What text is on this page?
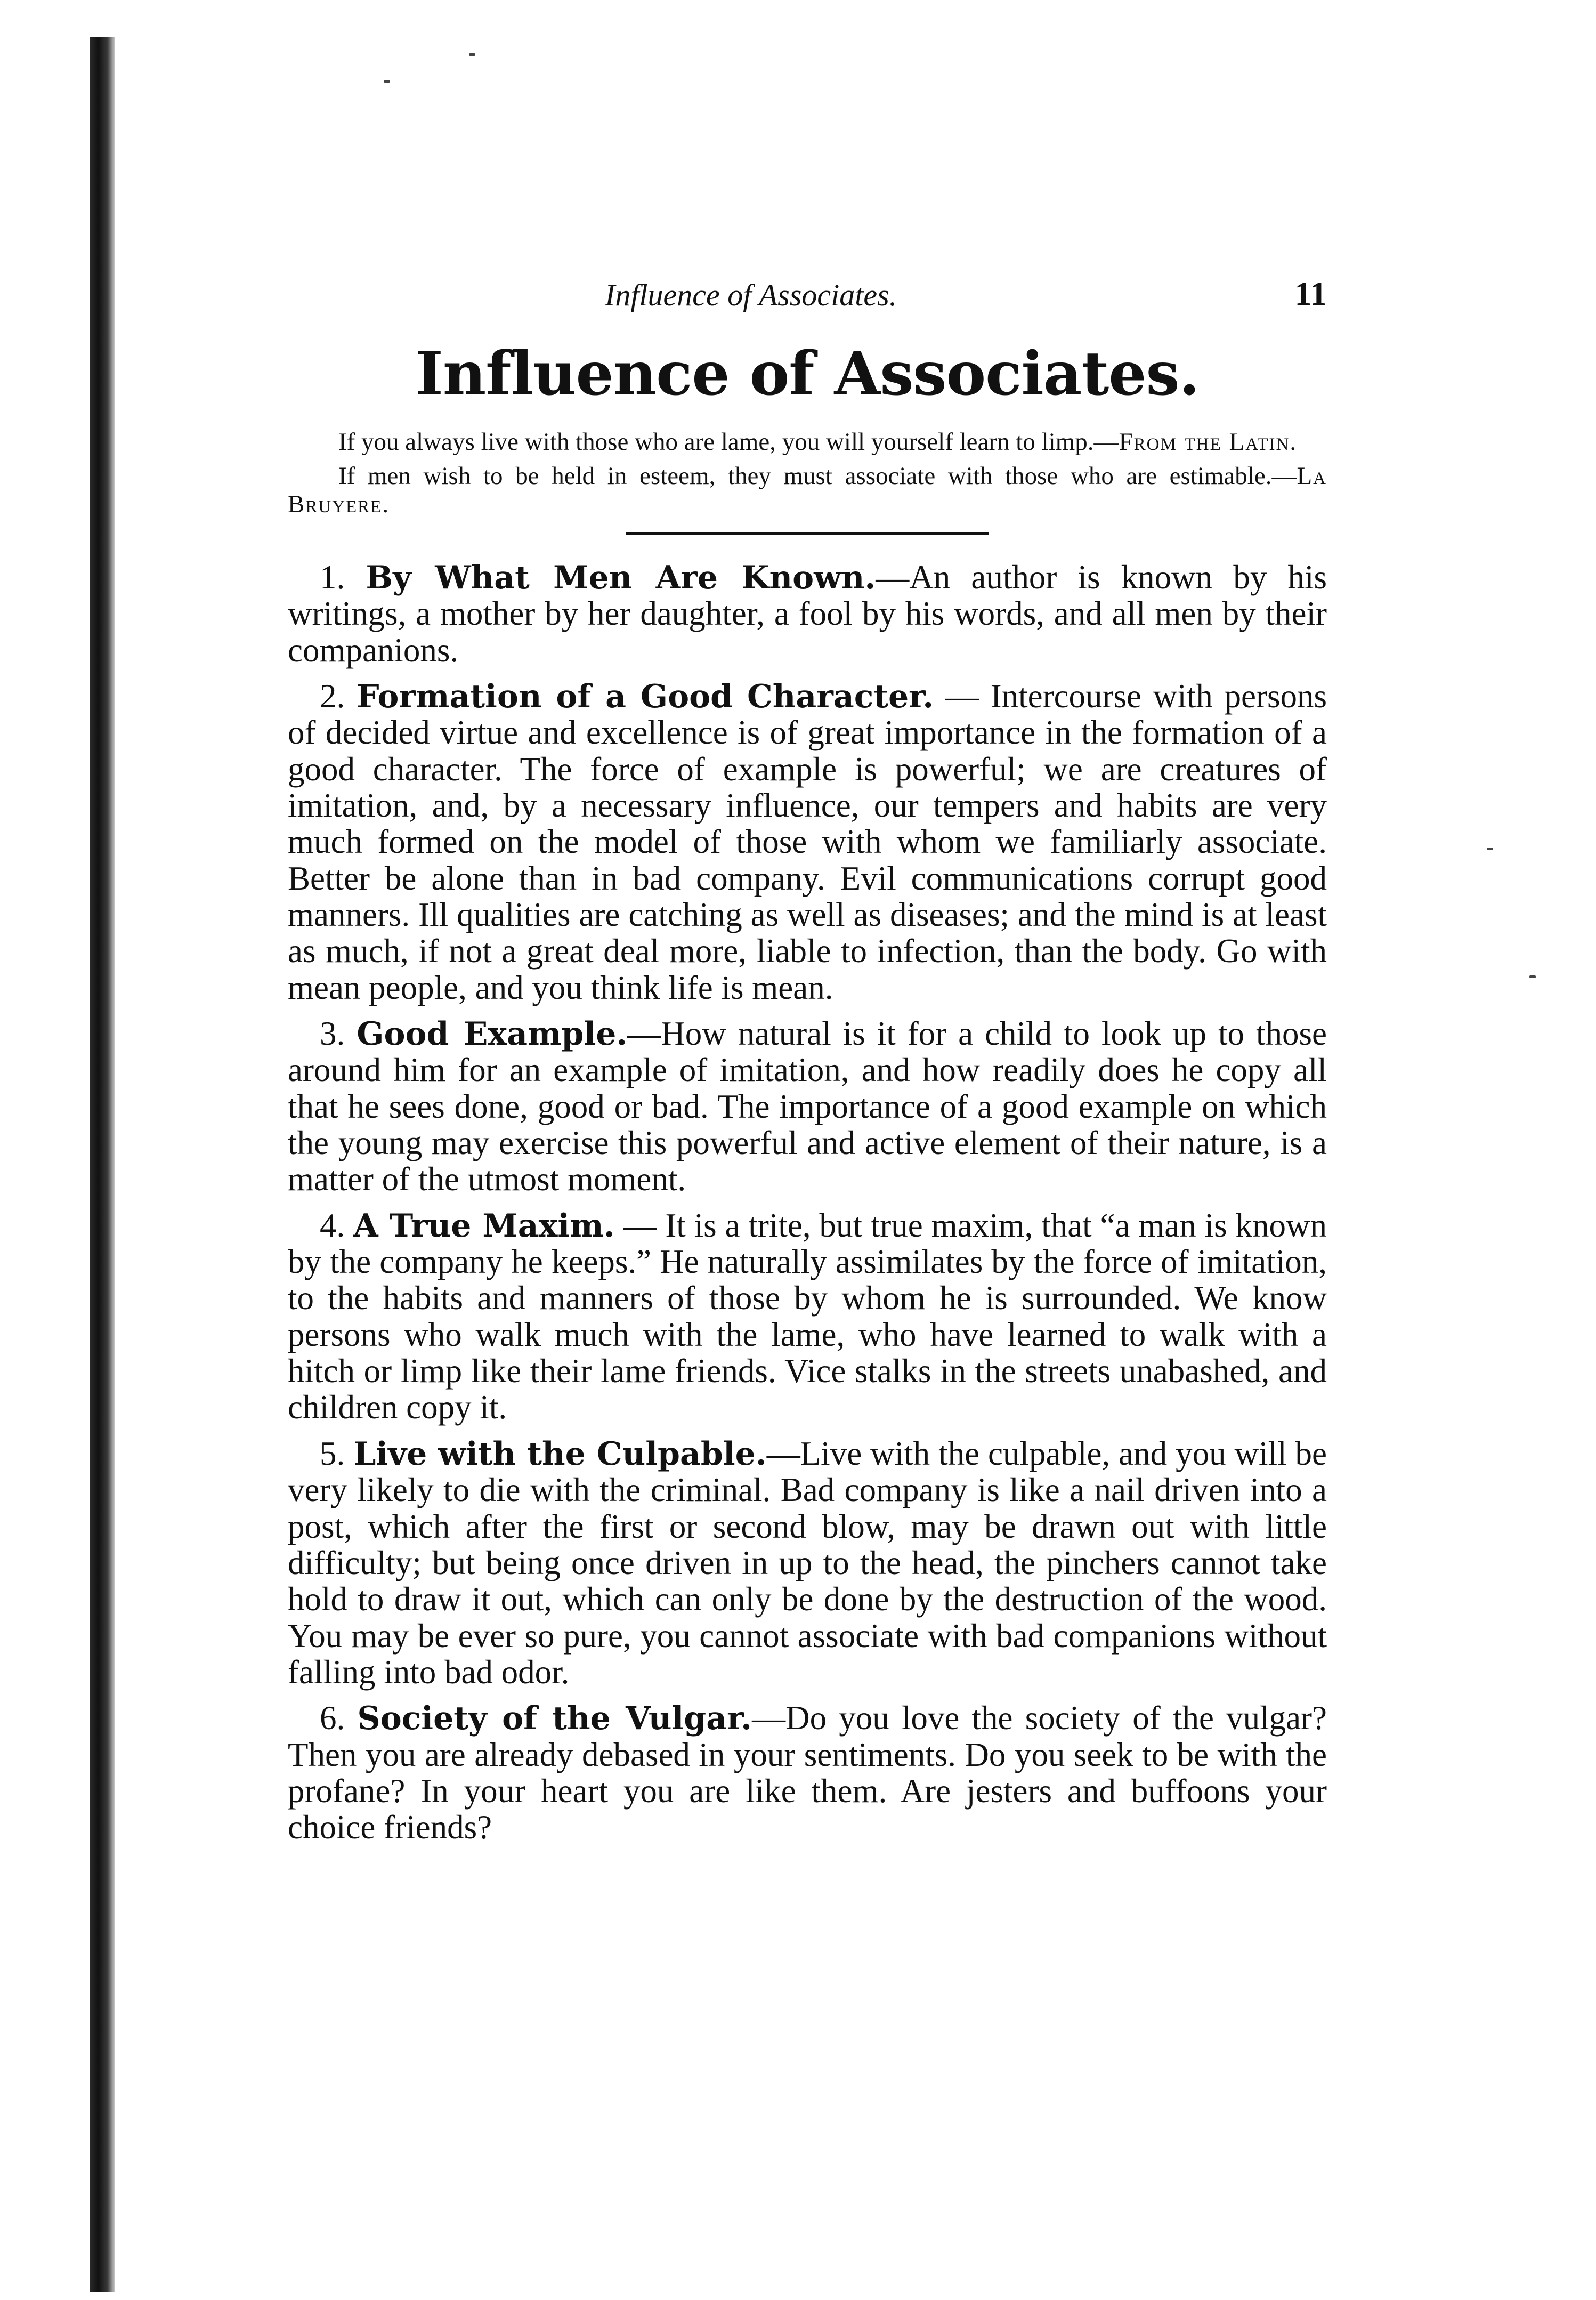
Influence of Associates.	11
Influence of Associates.

If you always live with those who are lame, you will yourself learn to limp.—From the Latin.

If men wish to be held in esteem, they must associate with those who are estimable.—La Bruyere.

1. By What Men Are Known.—An author is known by his writings, a mother by her daughter, a fool by his words, and all men by their companions.

2. Formation of a Good Character. — Intercourse with persons of decided virtue and excellence is of great importance in the formation of a good character. The force of example is powerful; we are creatures of imitation, and, by a necessary influence, our tempers and habits are very much formed on the model of those with whom we familiarly associate. Better be alone than in bad company. Evil communications corrupt good manners. Ill qualities are catching as well as diseases; and the mind is at least as much, if not a great deal more, liable to infection, than the body. Go with mean people, and you think life is mean.

3. Good Example.—How natural is it for a child to look up to those around him for an example of imitation, and how readily does he copy all that he sees done, good or bad. The importance of a good example on which the young may exercise this powerful and active element of their nature, is a matter of the utmost moment.

4. A True Maxim. — It is a trite, but true maxim, that “a man is known by the company he keeps.” He naturally assimilates by the force of imitation, to the habits and manners of those by whom he is surrounded. We know persons who walk much with the lame, who have learned to walk with a hitch or limp like their lame friends. Vice stalks in the streets unabashed, and children copy it.

5. Live with the Culpable.—Live with the culpable, and you will be very likely to die with the criminal. Bad company is like a nail driven into a post, which after the first or second blow, may be drawn out with little difficulty; but being once driven in up to the head, the pinchers cannot take hold to draw it out, which can only be done by the destruction of the wood. You may be ever so pure, you cannot associate with bad companions without falling into bad odor.

6. Society of the Vulgar.—Do you love the society of the vulgar? Then you are already debased in your sentiments. Do you seek to be with the profane? In your heart you are like them. Are jesters and buffoons your choice friends?
